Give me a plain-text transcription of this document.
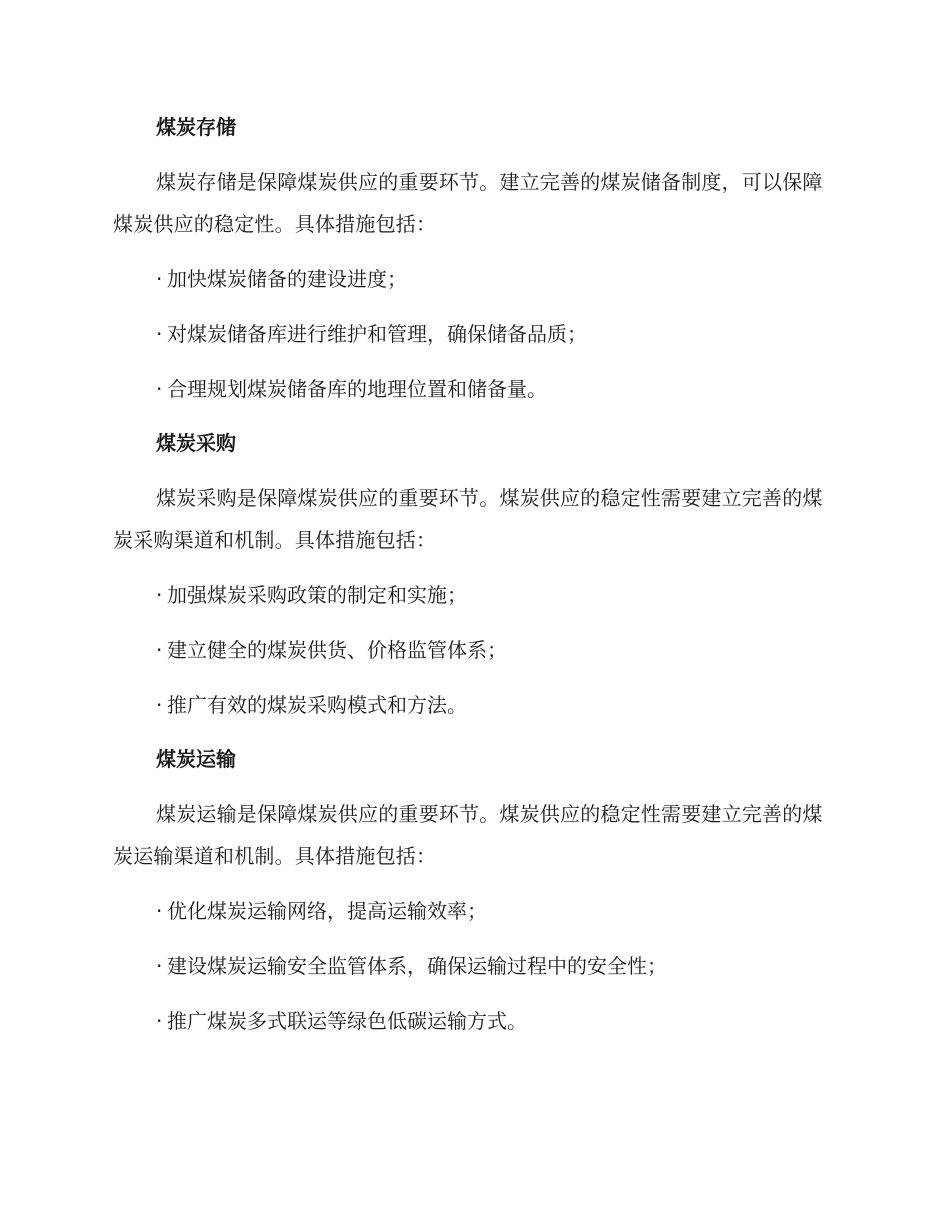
煤炭存储
煤炭存储是保障煤炭供应的重要环节。建立完善的煤炭储备制度，可以保障煤炭供应的稳定性。具体措施包括：
· 加快煤炭储备的建设进度；
· 对煤炭储备库进行维护和管理，确保储备品质；
· 合理规划煤炭储备库的地理位置和储备量。
煤炭采购
煤炭采购是保障煤炭供应的重要环节。煤炭供应的稳定性需要建立完善的煤炭采购渠道和机制。具体措施包括：
· 加强煤炭采购政策的制定和实施；
· 建立健全的煤炭供货、价格监管体系；
· 推广有效的煤炭采购模式和方法。
煤炭运输
煤炭运输是保障煤炭供应的重要环节。煤炭供应的稳定性需要建立完善的煤炭运输渠道和机制。具体措施包括：
· 优化煤炭运输网络，提高运输效率；
· 建设煤炭运输安全监管体系，确保运输过程中的安全性；
· 推广煤炭多式联运等绿色低碳运输方式。
